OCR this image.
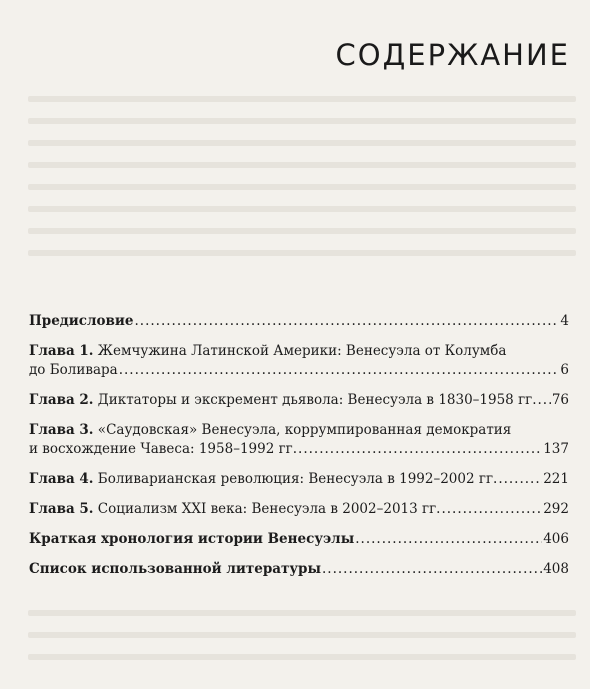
СОДЕРЖАНИЕ
Предисловие .....	4
Глава 1. Жемчужина Латинской Америки: Венесуэла от Колумба
до Боливара .....	6
Глава 2. Диктаторы и экскремент дьявола: Венесуэла в 1830–1958 гг. ..... 76
Глава 3. «Саудовская» Венесуэла, коррумпированная демократия
и восхождение Чавеса: 1958–1992 гг. .....	137
Глава 4. Боливарианская революция: Венесуэла в 1992–2002 гг. .....	221
Глава 5. Социализм XXI века: Венесуэла в 2002–2013 гг. .....	292
Краткая хронология истории Венесуэлы .....	406
Список использованной литературы .....	408
